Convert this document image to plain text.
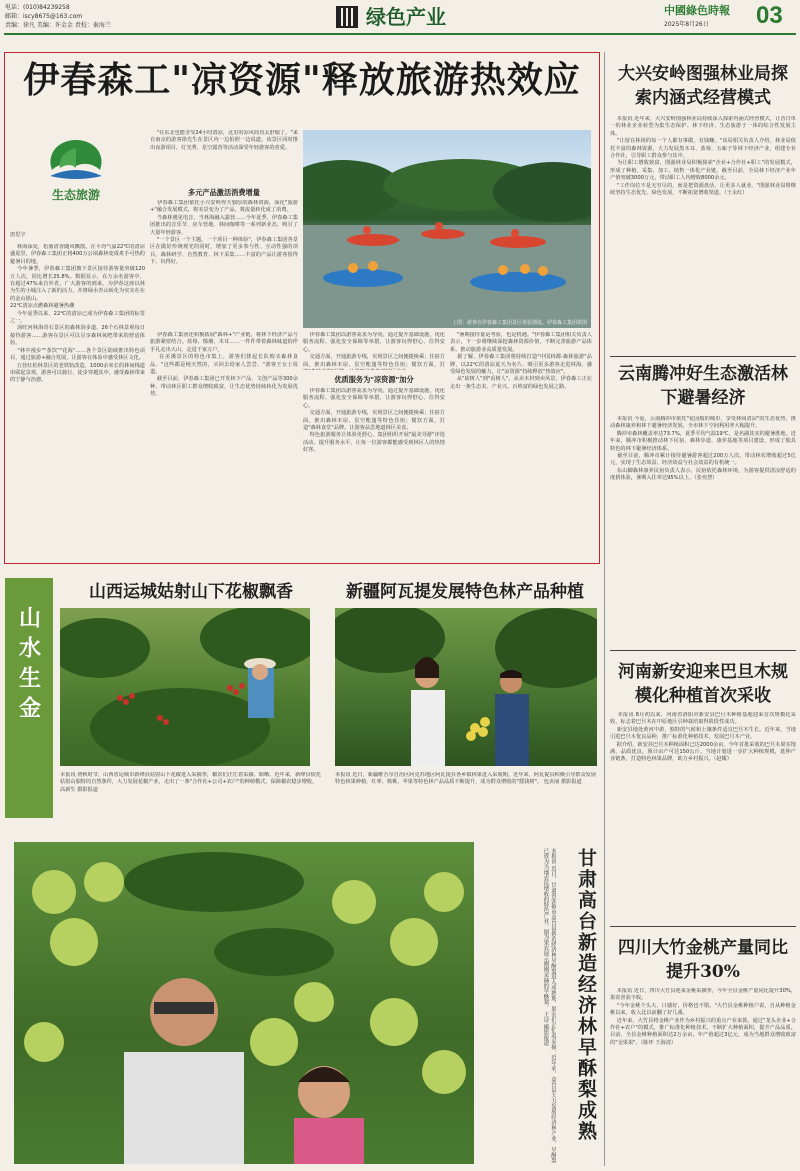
电话：(010)84239258
邮箱：iscy8675@163.com
责编：徐凡 美编：许金金 责校：秦海兰	绿色产业	中國綠色時報
2025年8月26日 03
伊春森工"凉资源"释放旅游热效应
生态旅游
唐思宇
林海深处，松脂清香随风飘散。在平均气温22℃的清凉盛夏里，伊春森工集团正将400万公顷森林变成炙手可热的避暑目的地。
今年暑季，伊春森工集团旗下景区接待游客量突破120万人次，同比增长25.8%。数据显示，在万余名游客中，有超过47%来自外省。广大游客的到来，为伊春这座以林为生的小城注入了新的活力，并将绿水青山转化为实实在在的金山银山。
22℃清凉点燃森林避暑热潮
今年夏季以来，22℃的清凉已成为伊春森工集团的标签之一。
汤旺河林海奇石景区的森林浴步道、26个石林景观每日接待游客……游客在景区可以尽享森林氧吧带来的舒适体验。
"林中漫步""茶饮""花海"……各个景区陆续推出特色项目，通过旅游+融合发展，让游客在体验中感受林区文化。
五营红松林景区的老铁轨改造，1000余米长的林间栈道串联起景观，游客可以骑行、徒步穿越其中，感受森林带来的宁静与治愈。
"在东北也能享受24小时清凉，这里的凉风简直太舒服了。"来自南京的游客徐先生在景区内一边拍照一边说道。该景区同时推出夜游项目，灯光秀、星空露营等活动深受年轻游客的喜爱。
多元产品激活消费增量
伊春森工集团依托小兴安岭得天独厚的森林资源，深化"旅游+"融合发展模式，将美景变为了产品，将流量转化成了消费。
当森林遇见电音、当林海融入露营……今年夏季，伊春森工集团推出的音乐节、房车营地、林间咖啡等一系列新业态，吸引了大量年轻游客。
"一个景区一个主题，一个项目一种体验"，伊春森工集团各景区在做好传统观光的同时，增加了更多参与性、互动性强的项目。森林研学、自然教育、林下采集……丰富的产品让游客留得下、玩得好。
上图：游客在伊春森工集团景区体验漂流。伊春森工集团供图
伊春森工集团还积极拓展"森林+"产业链，将林下经济产品与旅游紧密结合。蓝莓、榛蘑、木耳……一件件带着森林味道的伴手礼走出大山，走进千家万户。
在美溪景区的特色市集上，游客们排起长队购买森林食品。"这些都是纯天然的，买回去给家人尝尝。"游客王女士说道。
截至目前，伊春森工集团已开发林下产品、文创产品等300余种，带动林区职工群众增收致富，让生态优势持续转化为发展优势。
伊春森工集团以游客需求为导向，通过提升基础设施、优化服务流程、强化安全保障等举措，让游客玩得舒心、住得安心。
交通方面，开通旅游专线，实现景区之间便捷换乘；住宿方面，推出森林木屋、星空帐篷等特色住宿；餐饮方面，打

优质服务为"凉资源"加分
伊春森工集团以游客需求为导向，通过提升基础设施、优化服务流程、强化安全保障等举措，让游客玩得舒心、住得安心。
交通方面，开通旅游专线，实现景区之间便捷换乘；住宿方面，推出森林木屋、星空帐篷等特色住宿；餐饮方面，打造"森林食堂"品牌，让游客品尝地道林区美食。
特色旅游服务让体验更舒心。集团组织开展"最美导游"评选活动，提升服务水平，让每一位游客都能感受到林区人的热情好客。
"暑期接待量是考验，也是机遇。"伊春森工集团相关负责人表示，下一步将继续深挖森林资源价值，不断完善旅游产品体系，推动旅游业高质量发展。
据了解，伊春森工集团将持续打造"中国林都·森林旅游"品牌，以22℃的清凉夏天为名片，吸引更多游客走进林海，感受绿色发展的魅力，让"凉资源"持续释放"热效应"。
从"砍树人"到"看树人"，从卖木材到卖风景，伊春森工正在走出一条生态美、产业兴、百姓富的绿色发展之路。
大兴安岭图强林业局探索内涵式经营模式
本报讯 近年来，大兴安岭图强林业局持续深入探索内涵式经营模式，让昔日单一的林业企业转型为集生态保护、林下经济、生态旅游于一体的综合性发展主体。
"让留在林场的每一个人都有事做，有钱赚。"该局相关负责人介绍，林业局依托丰富的森林资源，大力发展黑木耳、蓝莓、五味子等林下经济产业，组建专业合作社，引导职工群众参与其中。
为让职工增收致富，图强林业局积极探索"企业+合作社+职工"的发展模式，形成了种植、采集、加工、销售一体化产业链。截至目前，全局林下经济产业年产值突破3000万元，带动职工人均增收8000余元。
"工作岗位不是无穷尽的，而是把资源盘活，让更多人就业。"图强林业局将继续坚持生态优先、绿色发展，不断拓宽增收渠道。（王永红）
云南腾冲好生态激活林下避暑经济
本报讯 今夏，云南腾冲市依托"花园般的城市，享受林间清凉"的生态优势，推动森林康养和林下避暑经济发展，全市林下空间利用率大幅提升。
腾冲市森林覆盖率达73.7%，夏季平均气温19℃，是名副其实的避暑胜地。近年来，腾冲市积极推动林下民宿、森林步道、康养基地等项目建设，形成了独具特色的林下避暑经济体系。
截至目前，腾冲市累计接待避暑游客超过200万人次，带动林农增收超过5亿元，实现了生态效益、经济效益与社会效益的有机统一。
东山脚森林康养民宿负责人表示，民宿依托森林环境，为游客提供清凉舒适的度假体验，暑期入住率达95%以上。（张奕慧）
河南新安迎来巴旦木规模化种植首次采收
本报讯 8月初以来，河南省洛阳市新安县巴旦木种植基地迎来首次规模化采收，标志着巴旦木在中原地区引种栽培取得阶段性成功。
新安县地处黄河中游，独特的气候和土壤条件适宜巴旦木生长。近年来，当地引进巴旦木优良品种，推广标准化种植技术，发展巴旦木产业。
据介绍，新安县巴旦木种植面积已达2000余亩，今年首批采收的巴旦木果实饱满、品质优良，预计亩产可达150公斤。当地计划进一步扩大种植规模，延伸产业链条，打造特色林果品牌，助力乡村振兴。（赵耀）
四川大竹金桃产量同比提升30%
本报讯 近日，四川大竹县迎来金桃采摘季，今年全县金桃产量同比提升30%，果农喜获丰收。
"今年金桃个头大、口感好，价格也不错。"大竹县金桃种植户说，自从种植金桃以来，收入比以前翻了好几番。
近年来，大竹县将金桃产业作为乡村振兴的重点产业来抓，通过"龙头企业+合作社+农户"的模式，推广标准化种植技术，不断扩大种植面积，提升产品品质。目前，全县金桃种植面积达2万余亩，年产值超过3亿元，成为当地群众增收致富的"金果果"。（陈坪 王海清）
山水生金
山西运城姑射山下花椒飘香
本报讯 初秋时节，山西省运城市新绛县姑射山下花椒进入采摘季，椒农们正忙着采摘、晾晒。近年来，新绛县依托姑射山独特的自然条件，大力发展花椒产业，走出了一条"合作社+公司+农户"的种植模式，保障椒农稳步增收。 高新生 摄影报道
新疆阿瓦提发展特色林产品种植
本报讯 近日，新疆维吾尔自治区阿克苏地区阿瓦提县各乡镇林果进入采收期。近年来，阿瓦提县积极引导群众发展特色林果种植，红枣、核桃、苹果等特色林产品品质不断提升，成为群众增收的"摇钱树"。 包贞丽 摄影报道
甘肃高台新造经济林早酥梨成熟
本报讯 近日，甘肃省张掖市高台县新造经济林早酥梨进入成熟期，果农们正忙着采摘。近年来，高台县大力发展经济林产业，早酥梨已成为当地农民增收的特色产业。图为果农展示刚刚采摘的早酥梨。 王诗 摄影报道
